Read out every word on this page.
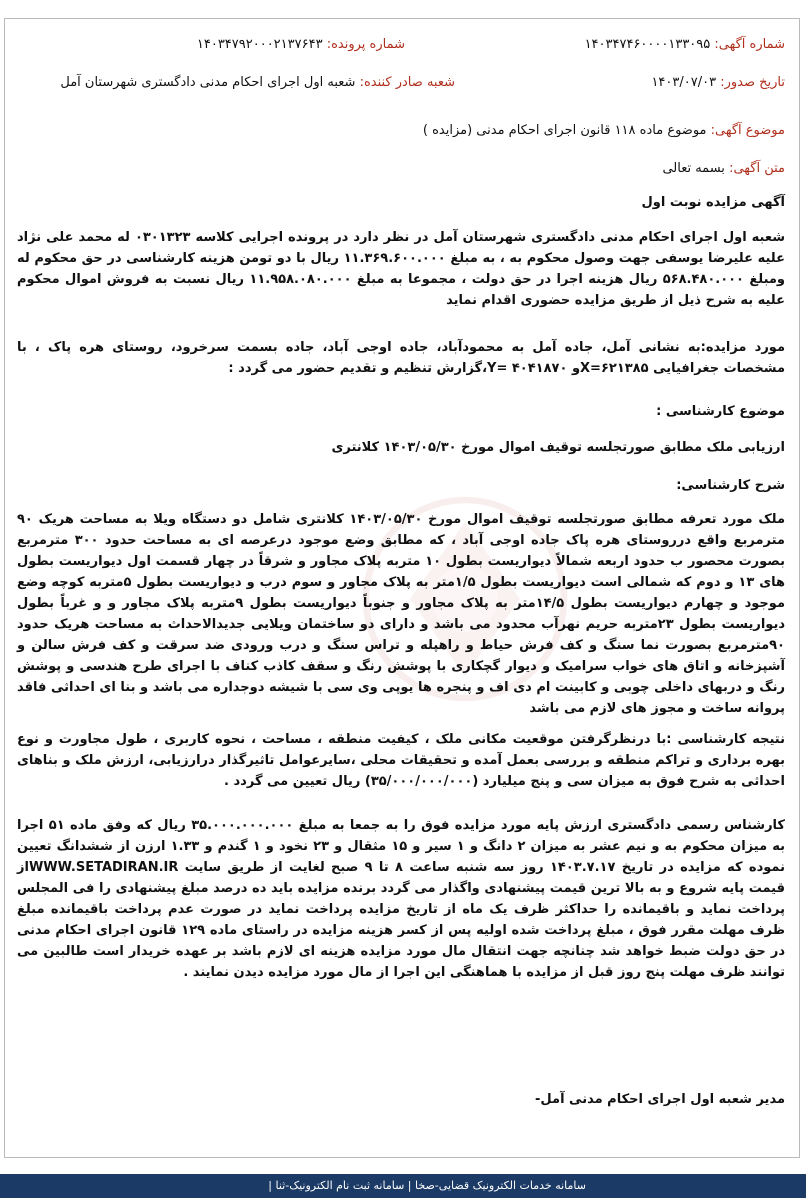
شماره آگهی: ۱۴۰۳۴۷۴۶۰۰۰۰۱۳۳۰۹۵
شماره پرونده: ۱۴۰۳۴۷۹۲۰۰۰۲۱۳۷۶۴۳
تاریخ صدور: ۱۴۰۳/۰۷/۰۳
شعبه صادر کننده: شعبه اول اجرای احکام مدنی دادگستری شهرستان آمل
موضوع آگهی: موضوع ماده ۱۱۸ قانون اجرای احکام مدنی (مزایده )
متن آگهی: بسمه تعالی
آگهی مزایده نوبت اول

شعبه اول اجرای احکام مدنی دادگستری شهرستان آمل در نظر دارد در پرونده اجرایی کلاسه ۰۳۰۱۳۲۳ له محمد علی نژاد علیه علیرضا یوسفی جهت وصول محکوم به ، به مبلغ ۱۱.۳۶۹.۶۰۰.۰۰۰ ریال با دو تومن هزینه کارشناسی در حق محکوم له ومبلغ ۵۶۸.۴۸۰.۰۰۰ ریال هزینه اجرا در حق دولت ، مجموعا به مبلغ ۱۱.۹۵۸.۰۸۰.۰۰۰ ریال نسبت به فروش اموال محکوم علیه به شرح ذیل از طریق مزایده حضوری اقدام نماید

مورد مزایده:به نشانی آمل، جاده آمل به محمودآباد، جاده اوجی آباد، جاده بسمت سرخرود، روستای هره پاک ، با مشخصات جغرافیایی X=۶۲۱۳۸۵و ۴۰۴۱۸۷۰ =Y،گزارش تنظیم و تقدیم حضور می گردد :

موضوع کارشناسی :

ارزیابی ملک مطابق صورتجلسه توقیف اموال مورخ ۱۴۰۳/۰۵/۳۰ کلانتری

شرح کارشناسی:

ملک مورد تعرفه مطابق صورتجلسه توقیف اموال مورخ ۱۴۰۳/۰۵/۳۰ کلانتری شامل دو دستگاه ویلا به مساحت هریک ۹۰ مترمربع واقع درروستای هره پاک جاده اوجی آباد ، که مطابق وضع موجود درعرصه ای به مساحت حدود ۳۰۰ مترمربع بصورت محصور ب حدود اربعه شمالاً دیواریست بطول ۱۰ متربه پلاک مجاور و شرقاً در چهار قسمت اول دیواریست بطول های ۱۳ و دوم که شمالی است دیواریست بطول ۱/۵متر به پلاک مجاور و سوم درب و دیواریست بطول ۵متربه کوچه وضع موجود و چهارم دیواریست بطول ۱۴/۵متر به پلاک مجاور و جنوباً دیواریست بطول ۹متربه پلاک مجاور و و غرباً بطول دیواریست بطول ۲۳متربه حریم نهرآب محدود می باشد و دارای دو ساختمان ویلایی جدیدالاحداث به مساحت هریک حدود ۹۰مترمربع بصورت نما سنگ و کف فرش حیاط و راهپله و تراس سنگ و درب ورودی ضد سرقت و کف فرش سالن و آشپزخانه و اتاق های خواب سرامیک و دیوار گچکاری با پوشش رنگ و سقف کاذب کناف با اجرای طرح هندسی و پوشش رنگ و دربهای داخلی چوبی و کابینت ام دی اف و پنجره ها یوپی وی سی با شیشه دوجداره می باشد و بنا ای احداثی فاقد پروانه ساخت و مجوز های لازم می باشد

نتیجه کارشناسی :با درنظرگرفتن موقعیت مکانی ملک ، کیفیت منطقه ، مساحت ، نحوه کاربری ، طول مجاورت و نوع بهره برداری و تراکم منطقه و بررسی بعمل آمده و تحقیقات محلی ،سایرعوامل تاثیرگذار درارزیابی، ارزش ملک و بناهای احداثی به شرح فوق به میزان سی و پنج میلیارد (۳۵/۰۰۰/۰۰۰/۰۰۰) ریال تعیین می گردد .

کارشناس رسمی دادگستری ارزش پایه مورد مزایده فوق را به جمعا به مبلغ ۳۵.۰۰۰.۰۰۰.۰۰۰ ریال که وفق ماده ۵۱ اجرا به میزان محکوم به و نیم عشر به میزان ۲ دانگ و ۱ سیر و ۱۵ مثقال و ۲۳ نخود و ۱ گندم و ۱.۳۳ ارزن از ششدانگ تعیین نموده که مزایده در تاریخ ۱۴۰۳.۷.۱۷ روز سه شنبه ساعت ۸ تا ۹ صبح لغایت از طریق سایت WWW.SETADIRAN.IRاز قیمت پایه شروع و به بالا ترین قیمت پیشنهادی واگذار می گردد برنده مزایده باید ده درصد مبلغ پیشنهادی را فی المجلس پرداخت نماید و باقیمانده را حداکثر ظرف یک ماه از تاریخ مزایده پرداخت نماید در صورت عدم پرداخت باقیمانده مبلغ ظرف مهلت مقرر فوق ، مبلغ پرداخت شده اولیه پس از کسر هزینه مزایده در راستای ماده ۱۲۹ قانون اجرای احکام مدنی در حق دولت ضبط خواهد شد چنانچه جهت انتقال مال مورد مزایده هزینه ای لازم باشد بر عهده خریدار است طالبین می توانند ظرف مهلت پنج روز قبل از مزایده با هماهنگی این اجرا از مال مورد مزایده دیدن نمایند .

مدیر شعبه اول اجرای احکام مدنی آمل-

سامانه خدمات الکترونیک قضایی-صخا | سامانه ثبت نام الکترونیک-ثنا |
